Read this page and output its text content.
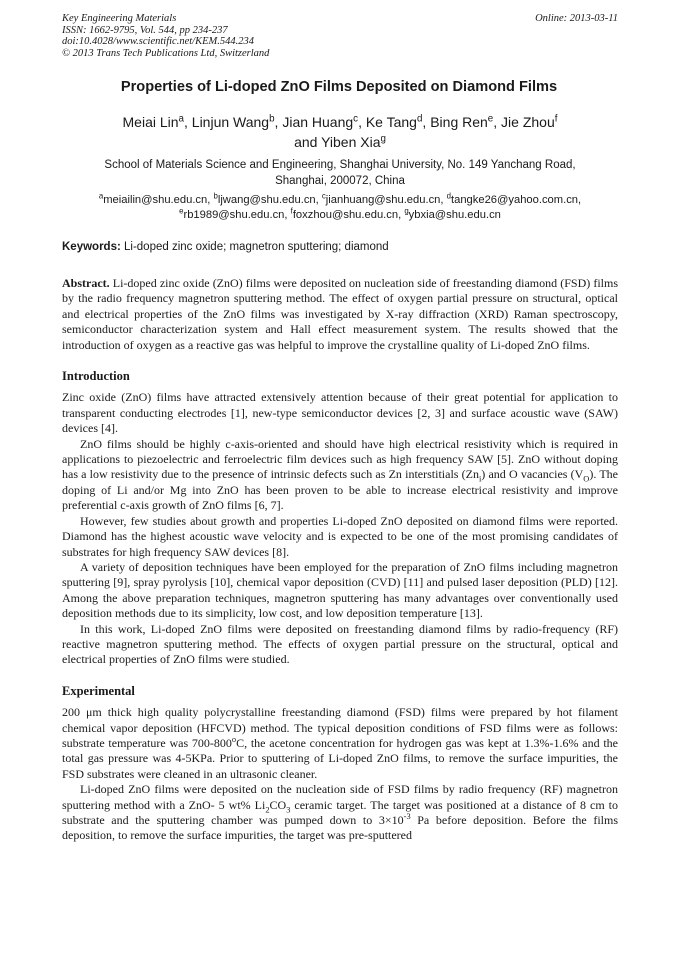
Key Engineering Materials
ISSN: 1662-9795, Vol. 544, pp 234-237
doi:10.4028/www.scientific.net/KEM.544.234
© 2013 Trans Tech Publications Ltd, Switzerland
Online: 2013-03-11
Properties of Li-doped ZnO Films Deposited on Diamond Films
Meiai Lin$^a$, Linjun Wang$^b$, Jian Huang$^c$, Ke Tang$^d$, Bing Ren$^e$, Jie Zhou$^f$
and Yiben Xia$^g$
School of Materials Science and Engineering, Shanghai University, No. 149 Yanchang Road,
Shanghai, 200072, China
$^a$meiailin@shu.edu.cn, $^b$ljwang@shu.edu.cn, $^c$jianhuang@shu.edu.cn, $^d$tangke26@yahoo.com.cn,
$^e$rb1989@shu.edu.cn, $^f$foxzhou@shu.edu.cn, $^g$ybxia@shu.edu.cn
Keywords: Li-doped zinc oxide; magnetron sputtering; diamond

Abstract. Li-doped zinc oxide (ZnO) films were deposited on nucleation side of freestanding diamond (FSD) films by the radio frequency magnetron sputtering method. The effect of oxygen partial pressure on structural, optical and electrical properties of the ZnO films was investigated by X-ray diffraction (XRD) Raman spectroscopy, semiconductor characterization system and Hall effect measurement system. The results showed that the introduction of oxygen as a reactive gas was helpful to improve the crystalline quality of Li-doped ZnO films.

Introduction

Zinc oxide (ZnO) films have attracted extensively attention because of their great potential for application to transparent conducting electrodes [1], new-type semiconductor devices [2, 3] and surface acoustic wave (SAW) devices [4].

ZnO films should be highly c-axis-oriented and should have high electrical resistivity which is required in applications to piezoelectric and ferroelectric film devices such as high frequency SAW [5]. ZnO without doping has a low resistivity due to the presence of intrinsic defects such as Zn interstitials $(Zn_i)$ and O vacancies $(V_O)$. The doping of Li and/or Mg into ZnO has been proven to be able to increase electrical resistivity and improve preferential c-axis growth of ZnO films [6, 7].

However, few studies about growth and properties Li-doped ZnO deposited on diamond films were reported. Diamond has the highest acoustic wave velocity and is expected to be one of the most promising candidates of substrates for high frequency SAW devices [8].

A variety of deposition techniques have been employed for the preparation of ZnO films including magnetron sputtering [9], spray pyrolysis [10], chemical vapor deposition (CVD) [11] and pulsed laser deposition (PLD) [12]. Among the above preparation techniques, magnetron sputtering has many advantages over conventionally used deposition methods due to its simplicity, low cost, and low deposition temperature [13].

In this work, Li-doped ZnO films were deposited on freestanding diamond films by radio-frequency (RF) reactive magnetron sputtering method. The effects of oxygen partial pressure on the structural, optical and electrical properties of ZnO films were studied.

Experimental

200 μm thick high quality polycrystalline freestanding diamond (FSD) films were prepared by hot filament chemical vapor deposition (HFCVD) method. The typical deposition conditions of FSD films were as follows: substrate temperature was 700-800$^o$C, the acetone concentration for hydrogen gas was kept at 1.3%-1.6% and the total gas pressure was 4-5KPa. Prior to sputtering of Li-doped ZnO films, to remove the surface impurities, the FSD substrates were cleaned in an ultrasonic cleaner.

Li-doped ZnO films were deposited on the nucleation side of FSD films by radio frequency (RF) magnetron sputtering method with a ZnO- 5 wt% $Li_2CO_3$ ceramic target. The target was positioned at a distance of 8 cm to substrate and the sputtering chamber was pumped down to $3\times 10^{-3}$ Pa before deposition. Before the films deposition, to remove the surface impurities, the target was pre-sputtered
